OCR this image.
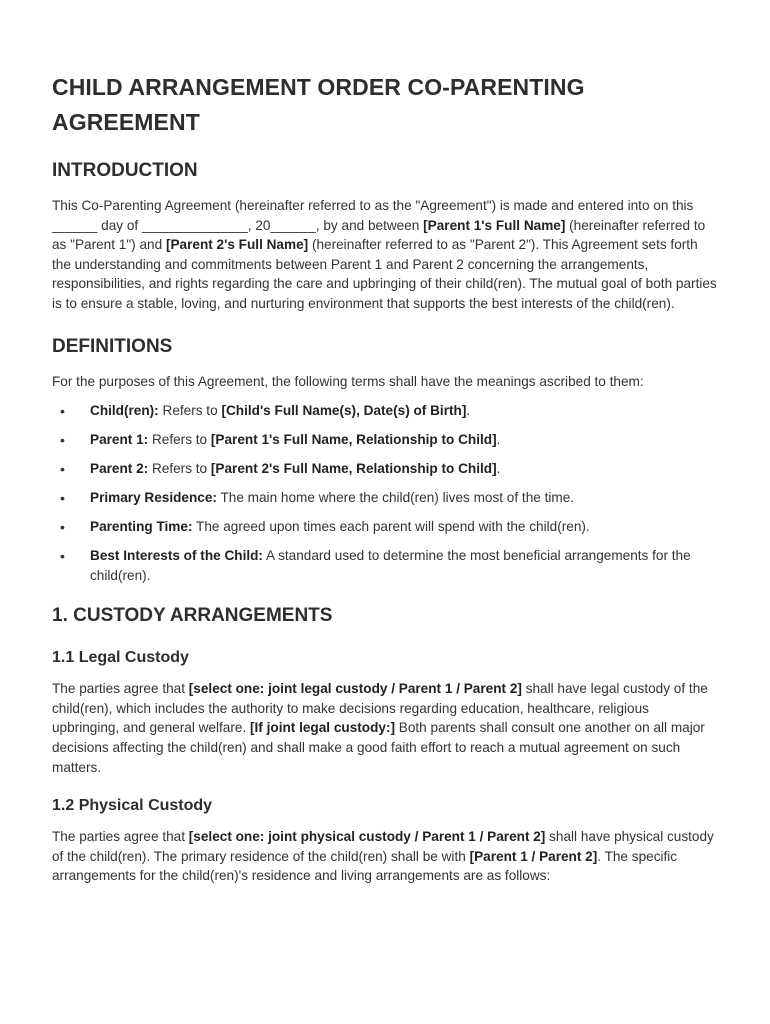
CHILD ARRANGEMENT ORDER CO-PARENTING AGREEMENT
INTRODUCTION

This Co-Parenting Agreement (hereinafter referred to as the "Agreement") is made and entered into on this ______ day of ______________, 20______, by and between [Parent 1's Full Name] (hereinafter referred to as "Parent 1") and [Parent 2's Full Name] (hereinafter referred to as "Parent 2"). This Agreement sets forth the understanding and commitments between Parent 1 and Parent 2 concerning the arrangements, responsibilities, and rights regarding the care and upbringing of their child(ren). The mutual goal of both parties is to ensure a stable, loving, and nurturing environment that supports the best interests of the child(ren).

DEFINITIONS

For the purposes of this Agreement, the following terms shall have the meanings ascribed to them:

• Child(ren): Refers to [Child's Full Name(s), Date(s) of Birth].
• Parent 1: Refers to [Parent 1's Full Name, Relationship to Child].
• Parent 2: Refers to [Parent 2's Full Name, Relationship to Child].
• Primary Residence: The main home where the child(ren) lives most of the time.
• Parenting Time: The agreed upon times each parent will spend with the child(ren).
• Best Interests of the Child: A standard used to determine the most beneficial arrangements for the child(ren).
1. CUSTODY ARRANGEMENTS
1.1 Legal Custody

The parties agree that [select one: joint legal custody / Parent 1 / Parent 2] shall have legal custody of the child(ren), which includes the authority to make decisions regarding education, healthcare, religious upbringing, and general welfare. [If joint legal custody:] Both parents shall consult one another on all major decisions affecting the child(ren) and shall make a good faith effort to reach a mutual agreement on such matters.

1.2 Physical Custody

The parties agree that [select one: joint physical custody / Parent 1 / Parent 2] shall have physical custody of the child(ren). The primary residence of the child(ren) shall be with [Parent 1 / Parent 2]. The specific arrangements for the child(ren)'s residence and living arrangements are as follows:
